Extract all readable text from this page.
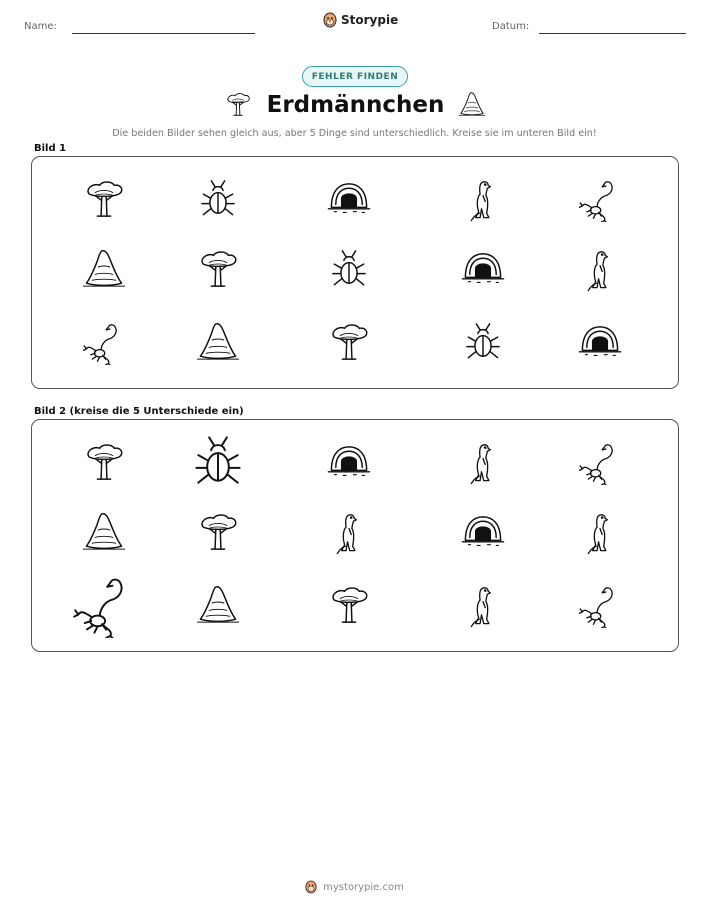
Name:	Storypie	Datum:
FEHLER FINDEN
Erdmännchen
Die beiden Bilder sehen gleich aus, aber 5 Dinge sind unterschiedlich. Kreise sie im unteren Bild ein!
Bild 1
Bild 2 (kreise die 5 Unterschiede ein)
mystorypie.com
